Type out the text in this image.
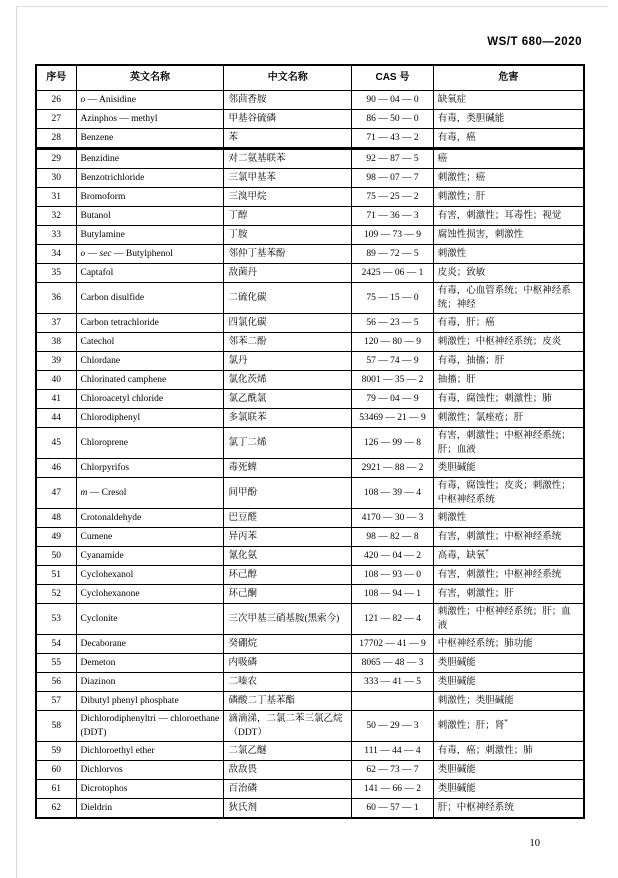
WS/T 680—2020
序号	英文名称	中文名称	CAS 号	危害
26	o — Anisidine	邻茴香胺	90 — 04 — 0	缺氧症
27	Azinphos — methyl	甲基谷硫磷	86 — 50 — 0	有毒，类胆碱能
28	Benzene	苯	71 — 43 — 2	有毒，癌
29	Benzidine	对二氨基联苯	92 — 87 — 5	癌
30	Benzotrichloride	三氯甲基苯	98 — 07 — 7	刺激性；癌
31	Bromoform	三溴甲烷	75 — 25 — 2	刺激性；肝
32	Butanol	丁醇	71 — 36 — 3	有害，刺激性；耳毒性；视觉
33	Butylamine	丁胺	109 — 73 — 9	腐蚀性损害，刺激性
34	o — sec — Butylphenol	邻仲丁基苯酚	89 — 72 — 5	刺激性
35	Captafol	敌菌丹	2425 — 06 — 1	皮炎；致敏
36	Carbon disulfide	二硫化碳	75 — 15 — 0	有毒，心血管系统；中枢神经系统；神经
37	Carbon tetrachloride	四氯化碳	56 — 23 — 5	有毒，肝；癌
38	Catechol	邻苯二酚	120 — 80 — 9	刺激性；中枢神经系统；皮炎
39	Chlordane	氯丹	57 — 74 — 9	有毒，抽搐；肝
40	Chlorinated camphene	氯化茨烯	8001 — 35 — 2	抽搐；肝
41	Chloroacetyl chloride	氯乙酰氯	79 — 04 — 9	有毒，腐蚀性；刺激性；肺
44	Chlorodiphenyl	多氯联苯	53469 — 21 — 9	刺激性；氯痤疮；肝
45	Chloroprene	氯丁二烯	126 — 99 — 8	有害，刺激性；中枢神经系统；肝；血液
46	Chlorpyrifos	毒死蜱	2921 — 88 — 2	类胆碱能
47	m — Cresol	间甲酚	108 — 39 — 4	有毒，腐蚀性；皮炎；刺激性；中枢神经系统
48	Crotonaldehyde	巴豆醛	4170 — 30 — 3	刺激性
49	Cumene	异丙苯	98 — 82 — 8	有害，刺激性；中枢神经系统
50	Cyanamide	氰化氨	420 — 04 — 2	高毒，缺氧*
51	Cyclohexanol	环己醇	108 — 93 — 0	有害，刺激性；中枢神经系统
52	Cyclohexanone	环己酮	108 — 94 — 1	有害，刺激性；肝
53	Cyclonite	三次甲基三硝基胺(黑索今)	121 — 82 — 4	刺激性；中枢神经系统；肝；血液
54	Decaborane	癸硼烷	17702 — 41 — 9	中枢神经系统；肺功能
55	Demeton	内吸磷	8065 — 48 — 3	类胆碱能
56	Diazinon	二嗪农	333 — 41 — 5	类胆碱能
57	Dibutyl phenyl phosphate	磷酸二丁基苯酯		刺激性；类胆碱能
58	Dichlorodiphenyltri — chloroethane (DDT)	滴滴涕，二氯二苯三氯乙烷（DDT）	50 — 29 — 3	刺激性；肝；肾*
59	Dichloroethyl ether	二氯乙醚	111 — 44 — 4	有毒，癌；刺激性；肺
60	Dichlorvos	敌敌畏	62 — 73 — 7	类胆碱能
61	Dicrotophos	百治磷	141 — 66 — 2	类胆碱能
62	Dieldrin	狄氏剂	60 — 57 — 1	肝；中枢神经系统
10
